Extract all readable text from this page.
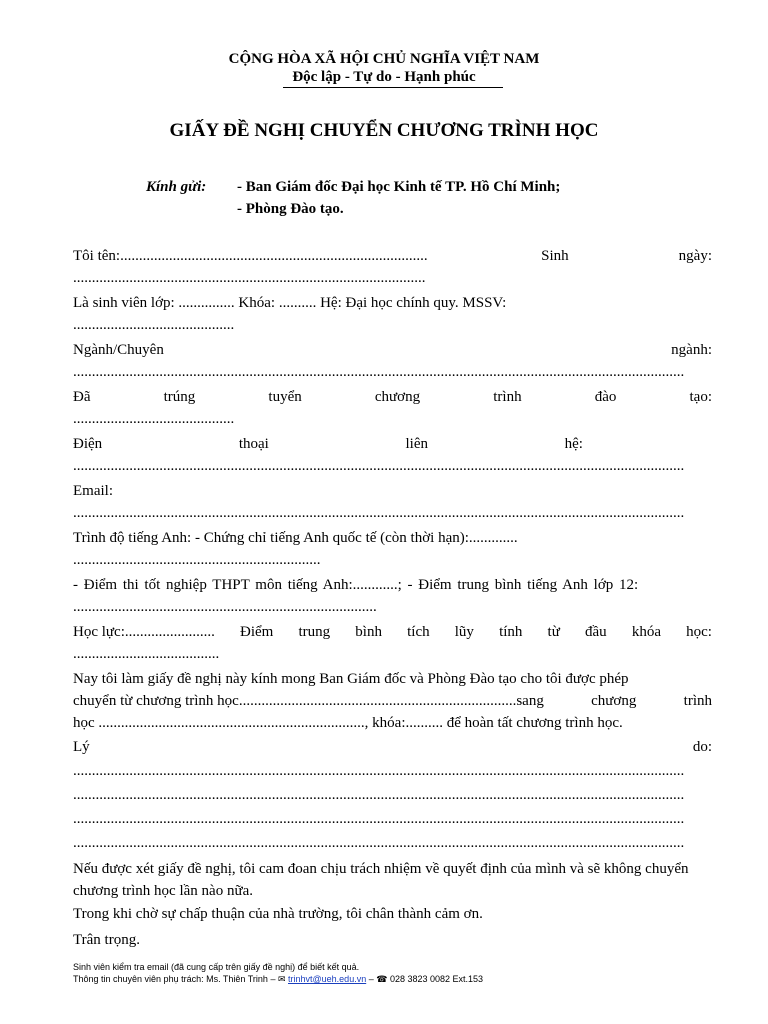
CỘNG HÒA XÃ HỘI CHỦ NGHĨA VIỆT NAM
Độc lập - Tự do - Hạnh phúc
GIẤY ĐỀ NGHỊ CHUYỂN CHƯƠNG TRÌNH HỌC
Kính gửi: - Ban Giám đốc Đại học Kinh tế TP. Hồ Chí Minh;
- Phòng Đào tạo.
Tôi tên:..................................................................................	Sinh	ngày:
..............................................................................................
Là sinh viên lớp: ............... Khóa: .......... Hệ: Đại học chính quy. MSSV:
...........................................
Ngành/Chuyên	ngành:
...................................................................................................................................................................
Đã	trúng	tuyển	chương	trình	đào	tạo:
...........................................
Điện	thoại	liên	hệ:
...................................................................................................................................................................
Email:
...................................................................................................................................................................
Trình độ tiếng Anh: - Chứng chỉ tiếng Anh quốc tế (còn thời hạn):.............
..................................................................
- Điểm thi tốt nghiệp THPT môn tiếng Anh:............; - Điểm trung bình tiếng Anh lớp 12:
.................................................................................
Học lực:........................ Điểm trung bình tích lũy tính từ đầu khóa học:
.......................................
Nay tôi làm giấy đề nghị này kính mong Ban Giám đốc và Phòng Đào tạo cho tôi được phép
chuyển từ chương trình học..........................................................................sang	chương	trình
học ......................................................................., khóa:.......... để hoàn tất chương trình học.
Lý	do:
...................................................................................................................................................................
...................................................................................................................................................................
...................................................................................................................................................................
...................................................................................................................................................................
Nếu được xét giấy đề nghị, tôi cam đoan chịu trách nhiệm về quyết định của mình và sẽ không chuyển chương trình học lần nào nữa.
Trong khi chờ sự chấp thuận của nhà trường, tôi chân thành cảm ơn.
Trân trọng.
Sinh viên kiểm tra email (đã cung cấp trên giấy đề nghị) để biết kết quả.
Thông tin chuyên viên phụ trách: Ms. Thiên Trinh – ✉ trinhvt@ueh.edu.vn – ☎ 028 3823 0082 Ext.153
